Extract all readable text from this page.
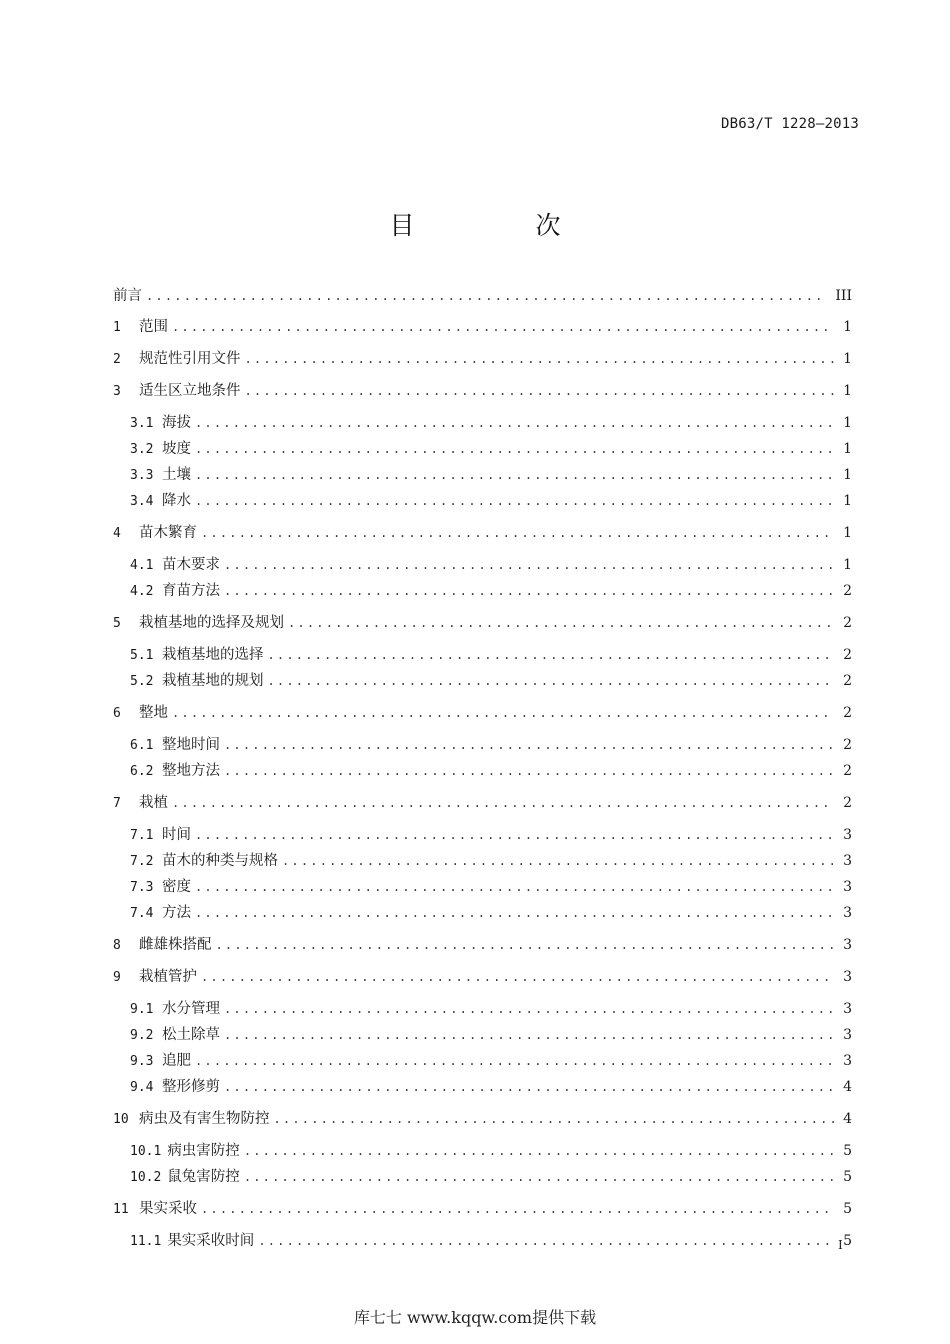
DB63/T 1228—2013
目　次
前言 .....	III
1	范围 .....	1
2	规范性引用文件 .....	1
3	适生区立地条件 .....	1
3.1 海拔 .....	1
3.2 坡度 .....	1
3.3 土壤 .....	1
3.4 降水 .....	1
4	苗木繁育 .....	1
4.1 苗木要求 .....	1
4.2 育苗方法 .....	2
5	栽植基地的选择及规划 .....	2
5.1 栽植基地的选择 .....	2
5.2 栽植基地的规划 .....	2
6	整地 .....	2
6.1 整地时间 .....	2
6.2 整地方法 .....	2
7	栽植 .....	2
7.1 时间 .....	3
7.2 苗木的种类与规格 .....	3
7.3 密度 .....	3
7.4 方法 .....	3
8	雌雄株搭配 .....	3
9	栽植管护 .....	3
9.1 水分管理 .....	3
9.2 松土除草 .....	3
9.3 追肥 .....	3
9.4 整形修剪 .....	4
10 病虫及有害生物防控 .....	4
10.1 病虫害防控 .....	5
10.2 鼠兔害防控 .....	5
11 果实采收 .....	5
11.1 果实采收时间 .....	5
I
库七七 www.kqqw.com提供下载
